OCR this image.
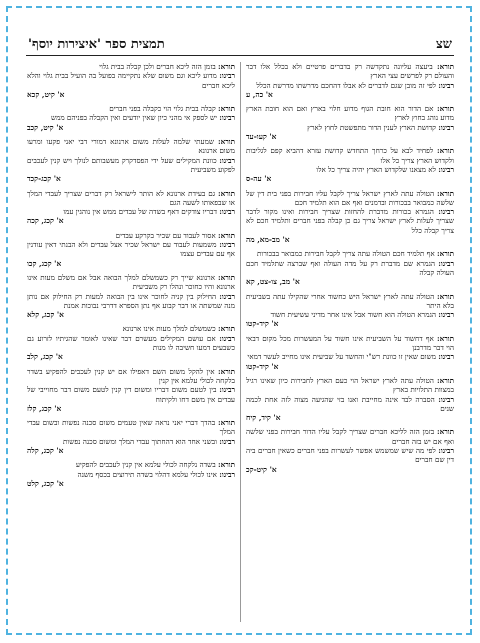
שצ
תמצית ספר 'איצירות יוסף'
תורא: ביעצה עליונה נתקדשה רק בדברים פרטיים ולא בכלל אלו דבר והעולם רק לפרשים עצי הארץ
רבינו: לפי זה מובן שגם לדברים לא אבלו דהחכם מדרשתו מדרשת הכלל
א' כה, ע
תורא: אם הדור הוא חובת הגוף מדוע חלוי בארץ ואם הוא חובת הארץ מדוע נוהג בחוץ לארץ
רבינו: קדושת הארץ לענין הדור מתפשטת לחוץ לארץ
א' קעו-עד
תורא: לפחיד לבא על כרחך התחדש קדושת עזרא דהביא קפם לגליבות ולקדוש הארץ צריך כל אלו
רבינו: לא מצאנו שלקדוש הארץ יהיה צריך כל אלו
א' עה-ס
תורא: הטולה עתה לארץ ישראל צריך לקבל עליו חבירות בפני בית דין של שלשה כמבואר בבכורות ובדמנים ואף אם הוא תלמיד חכם
רבינו: הגמרא בכורות מדברת להחזות שצריך חבירות ואינו מקור לדבר שצריך לעלות לארץ ישראל צריך גם כן קבלה בפני חברים ותלמיד חכם לא צריך קבלה כלל
א' מב-מא, מה
תורא: אף תלמיד חכם הטולה עתה צריך לקבל חבירות כמבואר בבכורות
רבינו: הגמרא שם מדברת רק על מדה העולה ואף שברצה שתלמיד חכם העולה קבלה
א' מב, צו-צט, קא
תורא: הטולה עתה לארץ ישראל היש כחשוד אחרי שהקילו עתה בשביעית בלא היתר
רבינו: הגמרא הטולה הוא חשוד אבל אינו אחר מדיני עשיעית חשוד
א' קיד-קטו
תורא: אף דחשוד על השביעית אינו חשוד על המעשרות מכל מקום דבאי הוי דבר מדרבנן
רבינו: משום שאין זו כוונת רש"י והחשד על שביעית אינו מחייב לעשר דמאי
א' קיד-קטו
תורא: הטולה עתה לארץ ישראל הוי כעם הארץ לחבירות כיון שאינו רגיל במצוות התלויות בארץ
רבינו: הסברה לבד אינה מחייבת ואנו בזי שהגיעה מצוה לזה אחת לכמה שנים
א' קיד, קיח
תורא: בזמן הזה לליכא חברים שצריך לקבל עליו הדור חבירות בפני שלשה ואף אם יש בזה חברים
רבינו: לפי מה שיש שמשמש אפשר לעשרות בפני חברים כשאין חברים ביה דין שם חברים
א' קיט-קכ
תורא: בזמן הזה ליכא חברים ולכן קבלה בבית גלוי
רבינו: מדוע ליכא וגם משום שלא נתקיימה בפועל בה הועיל בבית גלוי והלא ליכא חברים
א' קיט, קכא
תורא: קבלה בבית גלוי הוי כקבלה בפני חברים
רבינו: יש לספק אי מהני כיון שאין יודעים ואין הקבלה בפניהם ממש
א' קיט, קכב
תורא: שמעתי שלמה לעלות משום ארנונא דמורי דבי יאני פקעו ומרעו משום ארנונא
רבינו: כוונת המקילים שעל ידי הפסדקרק מעשבותם לנולך ויש קנין לעכבים לפקוע משביעית
א' קכג-קכד
תורא: גם בעידת ארנונא לא הותר לישראל רק דברים שצריך לעבדי המלך או שבפאותו לשעה הגם
רבינו: דבריו צודקים דאף בשדה של עבדים ממש אין נוהגין עמו
א' קכג, קכה
תורא: אסור לעבוד עם שכיר בקרקע עבדים
רבינו: משמעות לעבוד עם ישראל שכיר אצל עבדים ולא הבנתי דאין עודנין אף עם עבדים עצמו
א' קכג, קכו
תורא: ארנונא שייך רק כשמשלם למלך הבואה אבל אם משלם מעות אינו ארנונא והיו כחוכר ונהלו רק משביעית
רבינו: החילוק בין קניה לחוכר אינו בין הבואה למעות רק החילוק אם נותן מנה שמשתה או דבר קבוע אף נתן הספרא דדרבי נבוכות אמנת
א' קכג, קלא
תורא: כשמשלם למלך מעות אינו ארנונא
רבינו: אם עושם המקילים מעשרם דבר שאינו לאומר שהגיתיו לזרוע גם כשבעים דמעו חשיבה לו מנות
א' קכג, קלב
תורא: אין להקל משום השם דאפילו אם יש קנין לעכבים להפקיע בשדר בלקחה לכולי עלמא אין קנין
רבינו: בין לטעם משום דבריו ומשום דין קנין לטעם משום דבר מחוייבי של עבדים אין משם דחו ולקיתוח
א' קכג, קלז
תורא: בהדך דברי יאני נראה שאין טעמים משום סכנה נפשות ובשום עבדי המלך
רבינו: ובשני אחד הוא דהחתוך עבדי המלך ומשום סכנה נפשות
א' קכג, קלה
תורא: בשדה נלקחה לכולי עלמא אין קנין לעכבים להפקיע
רבינו: אינו לכולי עלמא דהלוי בשדה תירוצים בכסף משנה
א' קכג, קלט
